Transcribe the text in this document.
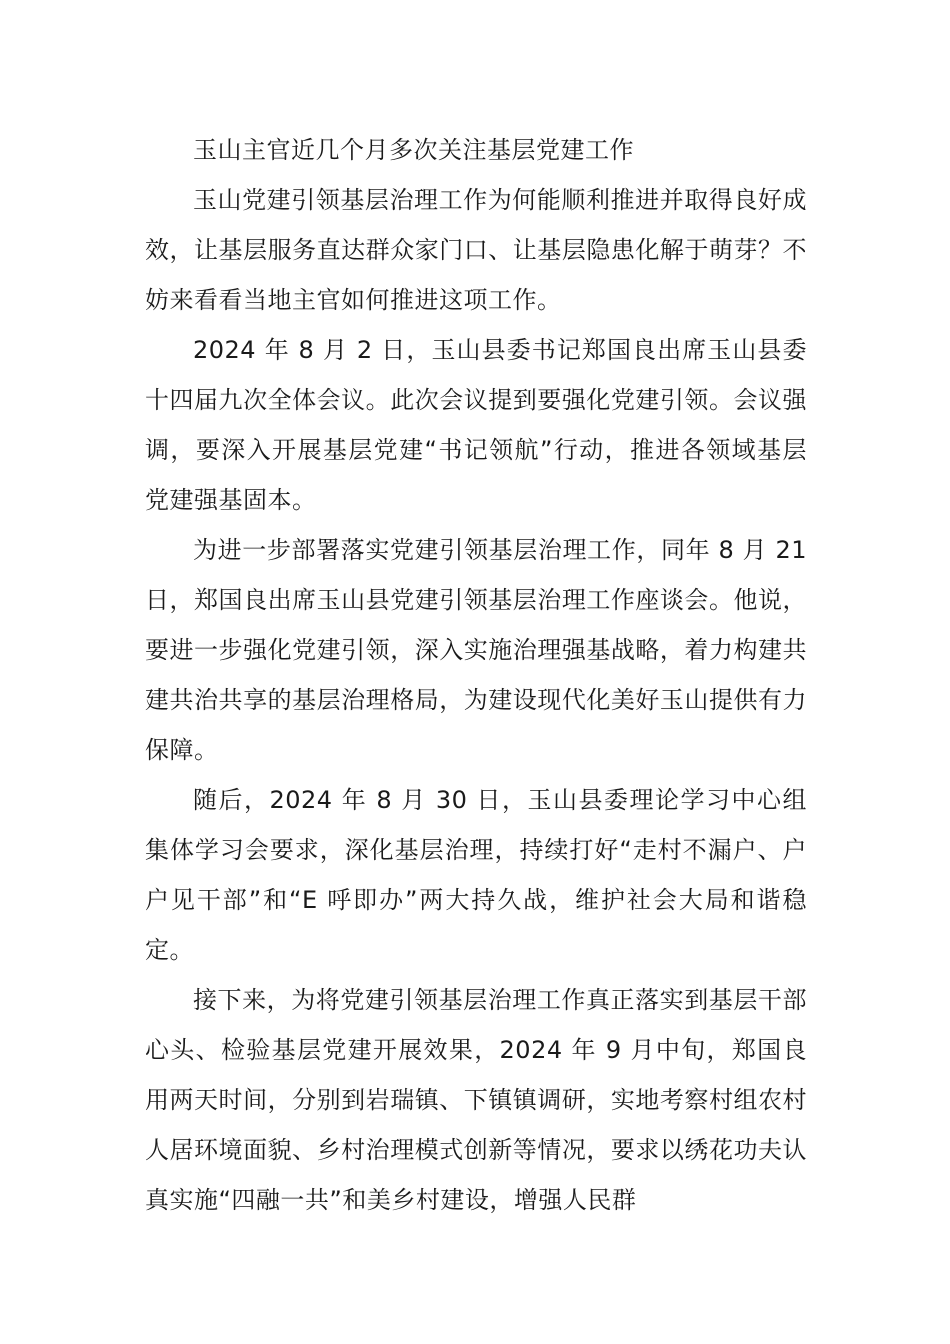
玉山主官近几个月多次关注基层党建工作

玉山党建引领基层治理工作为何能顺利推进并取得良好成效，让基层服务直达群众家门口、让基层隐患化解于萌芽？不妨来看看当地主官如何推进这项工作。

2024 年 8 月 2 日，玉山县委书记郑国良出席玉山县委十四届九次全体会议。此次会议提到要强化党建引领。会议强调，要深入开展基层党建“书记领航”行动，推进各领域基层党建强基固本。

为进一步部署落实党建引领基层治理工作，同年 8 月 21 日，郑国良出席玉山县党建引领基层治理工作座谈会。他说，要进一步强化党建引领，深入实施治理强基战略，着力构建共建共治共享的基层治理格局，为建设现代化美好玉山提供有力保障。

随后，2024 年 8 月 30 日，玉山县委理论学习中心组集体学习会要求，深化基层治理，持续打好“走村不漏户、户户见干部”和“E 呼即办”两大持久战，维护社会大局和谐稳定。

接下来，为将党建引领基层治理工作真正落实到基层干部心头、检验基层党建开展效果，2024 年 9 月中旬，郑国良用两天时间，分别到岩瑞镇、下镇镇调研，实地考察村组农村人居环境面貌、乡村治理模式创新等情况，要求以绣花功夫认真实施“四融一共”和美乡村建设，增强人民群
